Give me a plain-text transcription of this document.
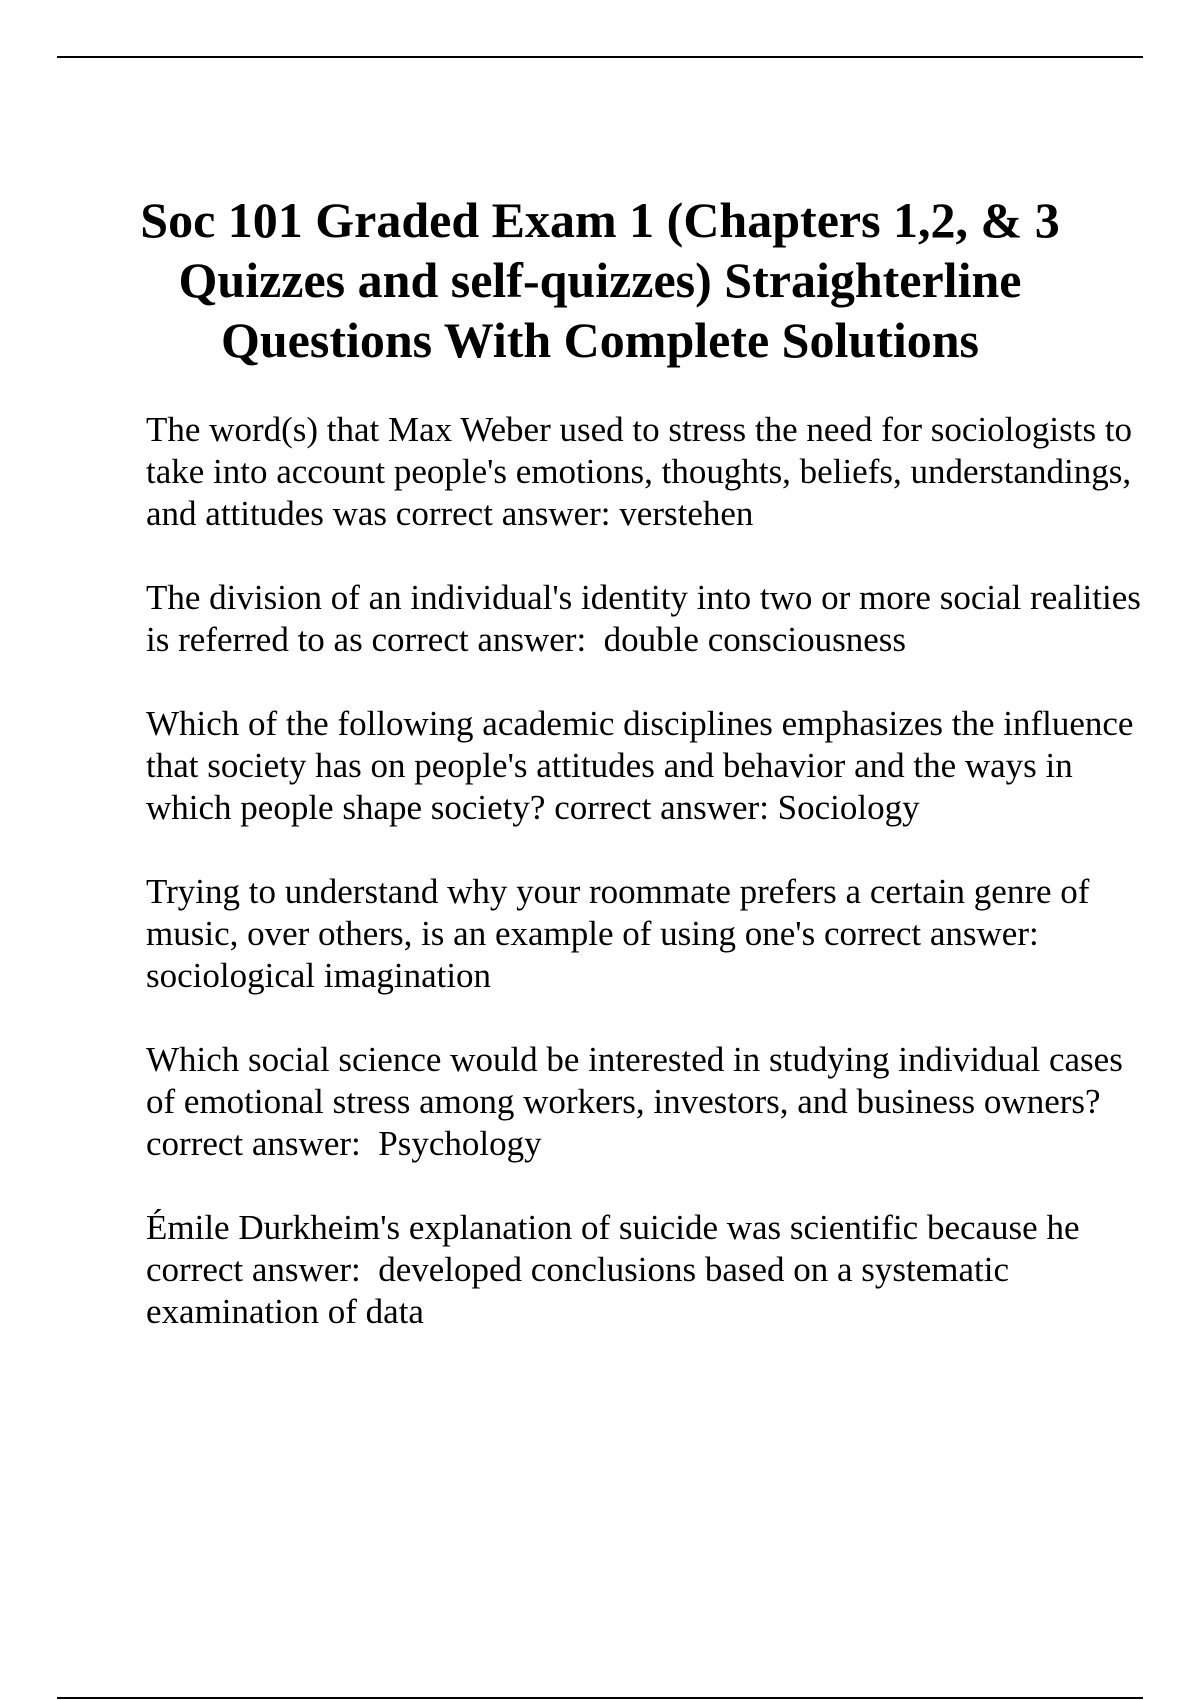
Soc 101 Graded Exam 1 (Chapters 1,2, & 3 Quizzes and self-quizzes) Straighterline Questions With Complete Solutions

The word(s) that Max Weber used to stress the need for sociologists to take into account people's emotions, thoughts, beliefs, understandings, and attitudes was correct answer: verstehen

The division of an individual's identity into two or more social realities is referred to as correct answer:  double consciousness

Which of the following academic disciplines emphasizes the influence that society has on people's attitudes and behavior and the ways in which people shape society? correct answer: Sociology

Trying to understand why your roommate prefers a certain genre of music, over others, is an example of using one's correct answer:  sociological imagination

Which social science would be interested in studying individual cases of emotional stress among workers, investors, and business owners? correct answer:  Psychology

Émile Durkheim's explanation of suicide was scientific because he correct answer:  developed conclusions based on a systematic examination of data
